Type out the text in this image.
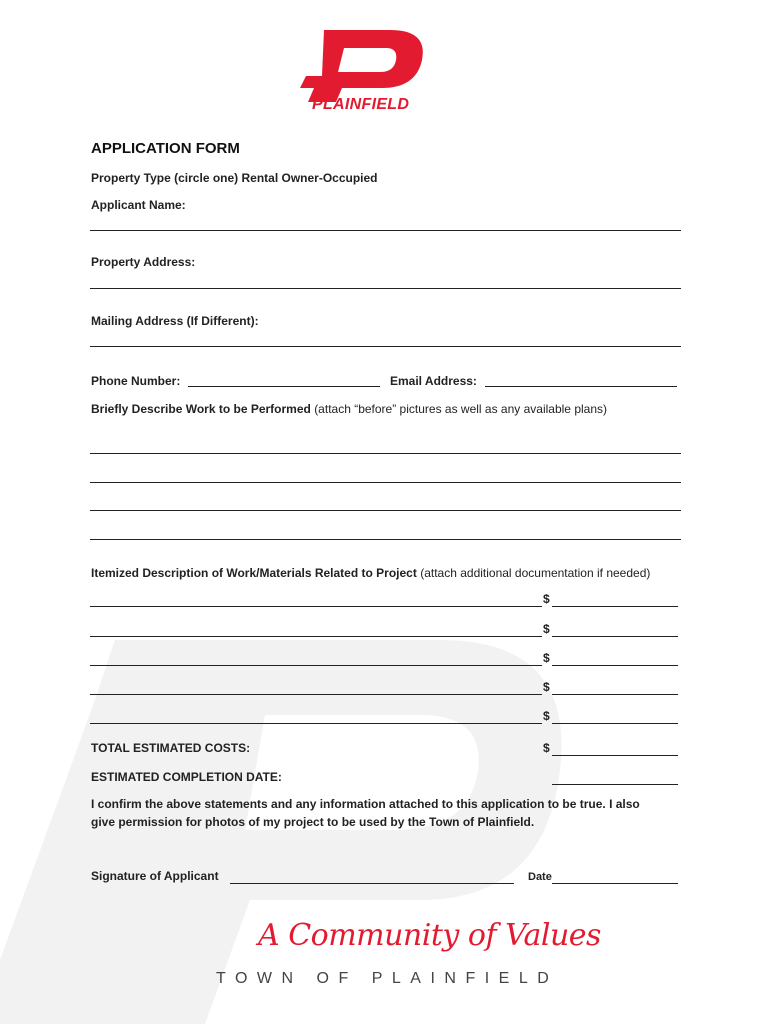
PLAINFIELD
APPLICATION FORM
Property Type (circle one) Rental Owner-Occupied
Applicant Name:
Property Address:
Mailing Address (If Different):
Phone Number:	Email Address:
Briefly Describe Work to be Performed (attach “before” pictures as well as any available plans)
Itemized Description of Work/Materials Related to Project (attach additional documentation if needed)
$
$
$
$
$
TOTAL ESTIMATED COSTS:	$
ESTIMATED COMPLETION DATE:
I confirm the above statements and any information attached to this application to be true. I also
give permission for photos of my project to be used by the Town of Plainfield.
Signature of Applicant	Date
A Community of Values
TOWN OF PLAINFIELD
